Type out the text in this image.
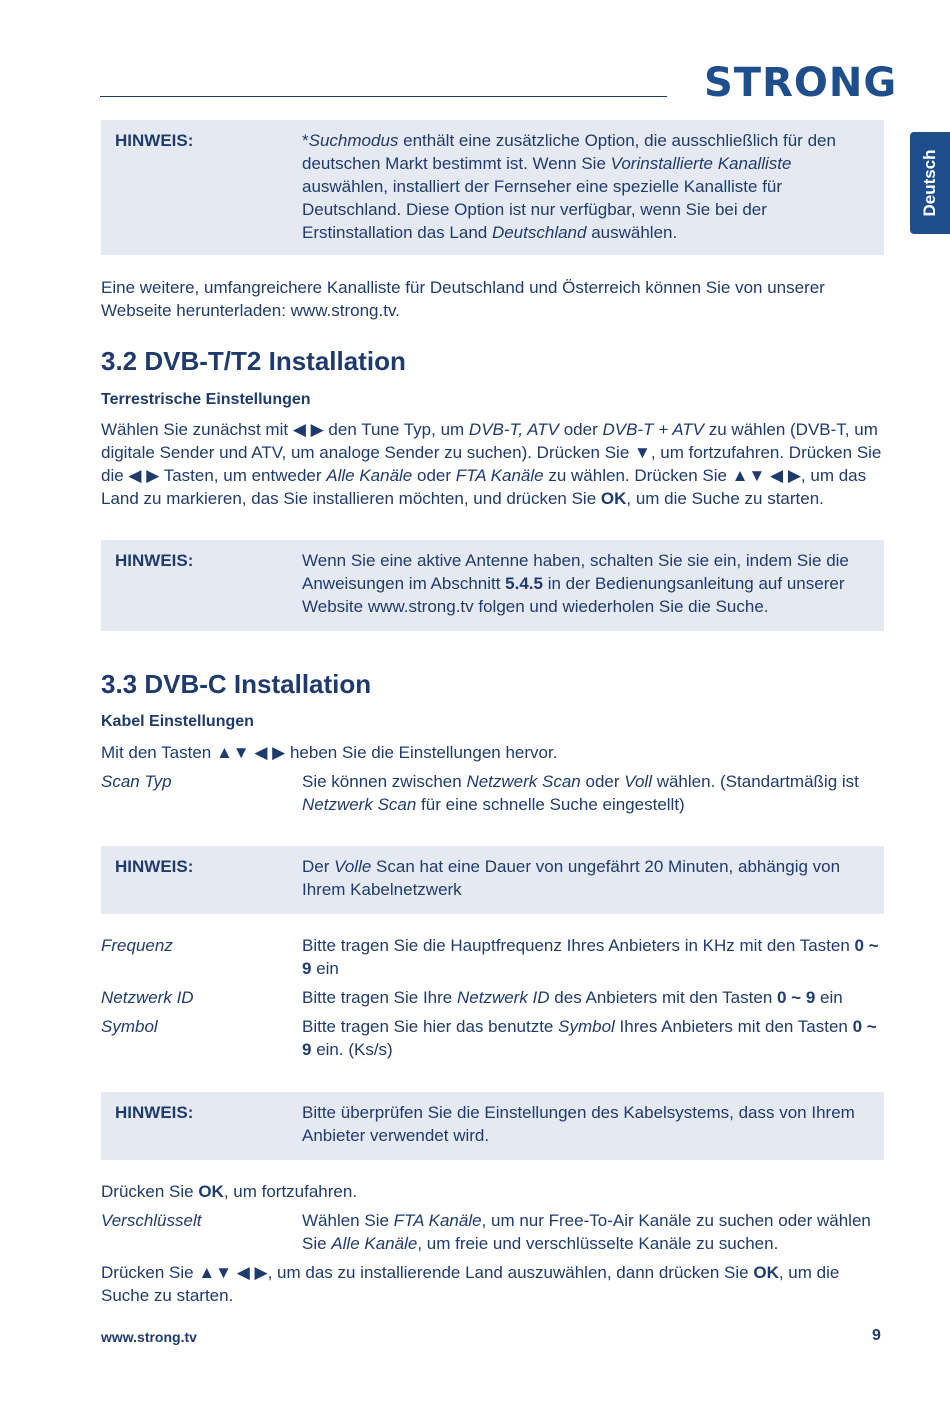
STRONG
Deutsch
HINWEIS:	*Suchmodus enthält eine zusätzliche Option, die ausschließlich für den deutschen Markt bestimmt ist. Wenn Sie Vorinstallierte Kanalliste auswählen, installiert der Fernseher eine spezielle Kanalliste für Deutschland. Diese Option ist nur verfügbar, wenn Sie bei der Erstinstallation das Land Deutschland auswählen.
Eine weitere, umfangreichere Kanalliste für Deutschland und Österreich können Sie von unserer Webseite herunterladen: www.strong.tv.
3.2 DVB-T/T2 Installation
Terrestrische Einstellungen
Wählen Sie zunächst mit ◀ ▶ den Tune Typ, um DVB-T, ATV oder DVB-T + ATV zu wählen (DVB-T, um digitale Sender und ATV, um analoge Sender zu suchen). Drücken Sie ▼, um fortzufahren. Drücken Sie die ◀ ▶ Tasten, um entweder Alle Kanäle oder FTA Kanäle zu wählen. Drücken Sie ▲▼ ◀ ▶, um das Land zu markieren, das Sie installieren möchten, und drücken Sie OK, um die Suche zu starten.
HINWEIS:	Wenn Sie eine aktive Antenne haben, schalten Sie sie ein, indem Sie die Anweisungen im Abschnitt 5.4.5 in der Bedienungsanleitung auf unserer Website www.strong.tv folgen und wiederholen Sie die Suche.
3.3 DVB-C Installation
Kabel Einstellungen
Mit den Tasten ▲▼ ◀ ▶ heben Sie die Einstellungen hervor.
Scan Typ	Sie können zwischen Netzwerk Scan oder Voll wählen. (Standartmäßig ist Netzwerk Scan für eine schnelle Suche eingestellt)
HINWEIS:	Der Volle Scan hat eine Dauer von ungefährt 20 Minuten, abhängig von Ihrem Kabelnetzwerk
Frequenz	Bitte tragen Sie die Hauptfrequenz Ihres Anbieters in KHz mit den Tasten 0 ~ 9 ein
Netzwerk ID	Bitte tragen Sie Ihre Netzwerk ID des Anbieters mit den Tasten 0 ~ 9 ein
Symbol	Bitte tragen Sie hier das benutzte Symbol Ihres Anbieters mit den Tasten 0 ~ 9 ein. (Ks/s)
HINWEIS:	Bitte überprüfen Sie die Einstellungen des Kabelsystems, dass von Ihrem Anbieter verwendet wird.
Drücken Sie OK, um fortzufahren.
Verschlüsselt	Wählen Sie FTA Kanäle, um nur Free-To-Air Kanäle zu suchen oder wählen Sie Alle Kanäle, um freie und verschlüsselte Kanäle zu suchen.
Drücken Sie ▲▼ ◀ ▶, um das zu installierende Land auszuwählen, dann drücken Sie OK, um die Suche zu starten.
www.strong.tv	9
